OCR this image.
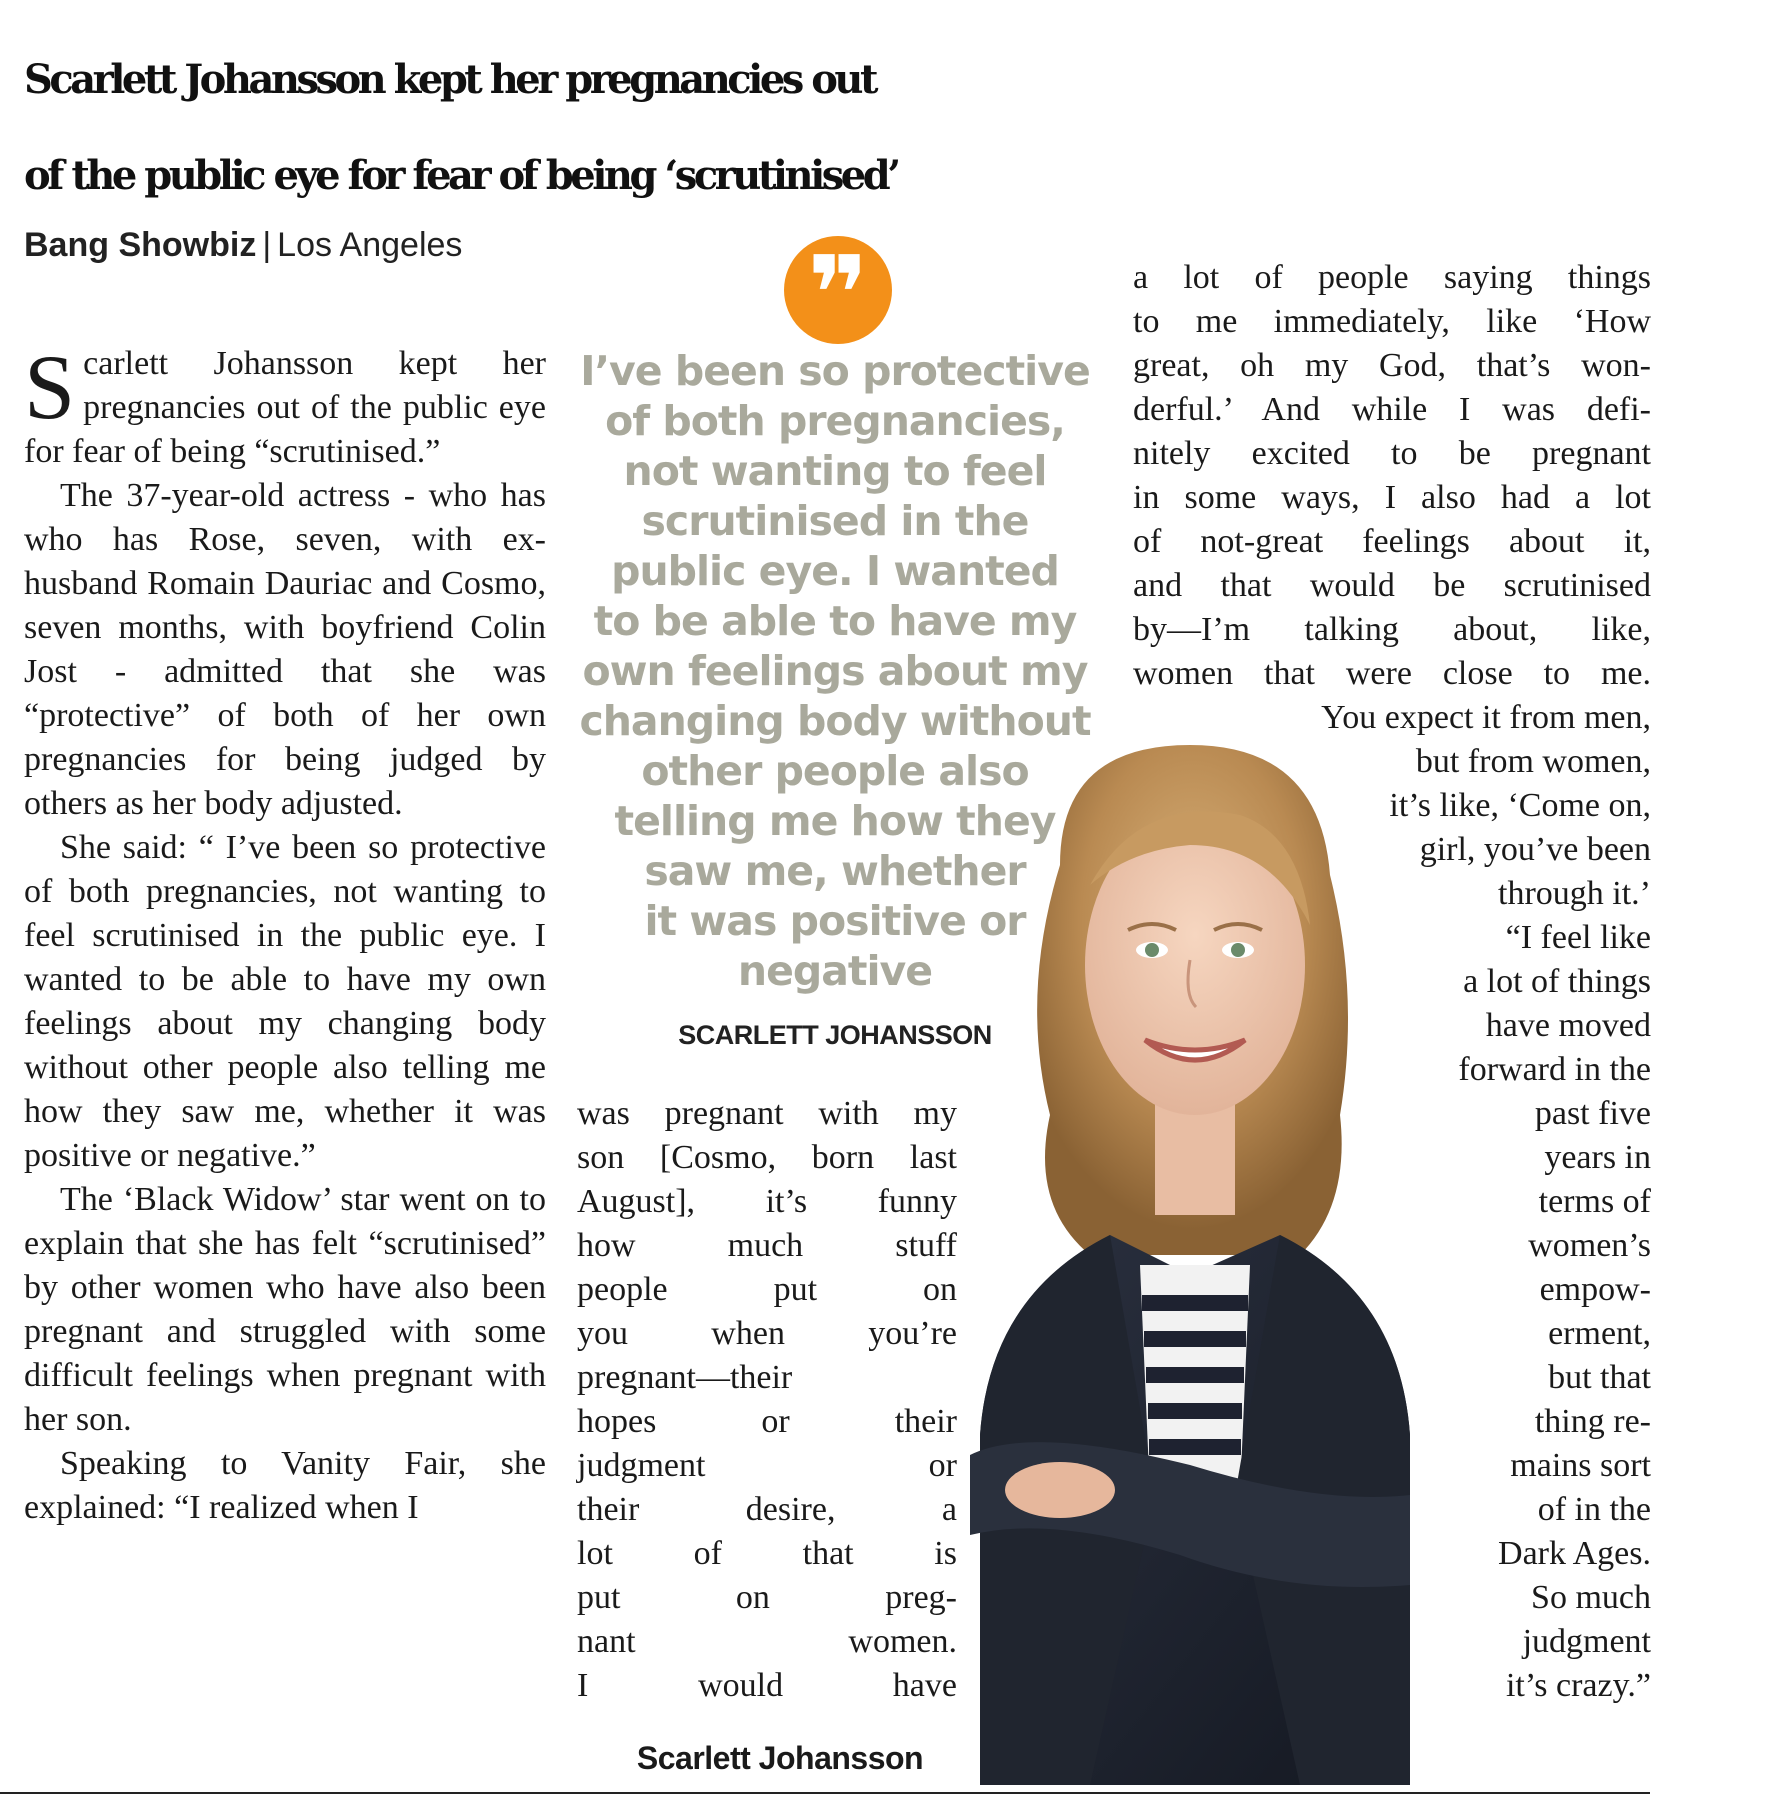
Scarlett Johansson kept her pregnancies out
of the public eye for fear of being ‘scrutinised’
Bang Showbiz | Los Angeles

Scarlett Johansson kept her pregnancies out of the public eye for fear of being “scrutinised.”

The 37-year-old actress - who has who has Rose, seven, with ex- husband Romain Dauriac and Cosmo, seven months, with boyfriend Colin Jost - admitted that she was “protective” of both of her own pregnancies for being judged by others as her body adjusted.

She said: “ I’ve been so protective of both pregnancies, not wanting to feel scrutinised in the public eye. I wanted to be able to have my own feelings about my changing body without other people also telling me how they saw me, whether it was positive or negative.”

The ‘Black Widow’ star went on to explain that she has felt “scrutinised” by other women who have also been pregnant and struggled with some difficult feelings when pregnant with her son.

Speaking to Vanity Fair, she explained: “I realized when I

❞
I’ve been so protective
of both pregnancies,
not wanting to feel
scrutinised in the
public eye. I wanted
to be able to have my
own feelings about my
changing body without
other people also
telling me how they
saw me, whether
it was positive or
negative
SCARLETT JOHANSSON
was pregnant with my
son [Cosmo, born last
August], it’s funny
how much stuff
people put on
you when you’re
pregnant—their
hopes or their
judgment or
their desire, a
lot of that is
put on preg-
nant women.
I would have
a lot of people saying things
to me immediately, like ‘How
great, oh my God, that’s won-
derful.’ And while I was defi-
nitely excited to be pregnant
in some ways, I also had a lot
of not-great feelings about it,
and that would be scrutinised
by—I’m talking about, like,
women that were close to me.
You expect it from men,
but from women,
it’s like, ‘Come on,
girl, you’ve been
through it.’
“I feel like
a lot of things
have moved
forward in the
past five
years in
terms of
women’s
empow-
erment,
but that
thing re-
mains sort
of in the
Dark Ages.
So much
judgment
it’s crazy.”
Scarlett Johansson
